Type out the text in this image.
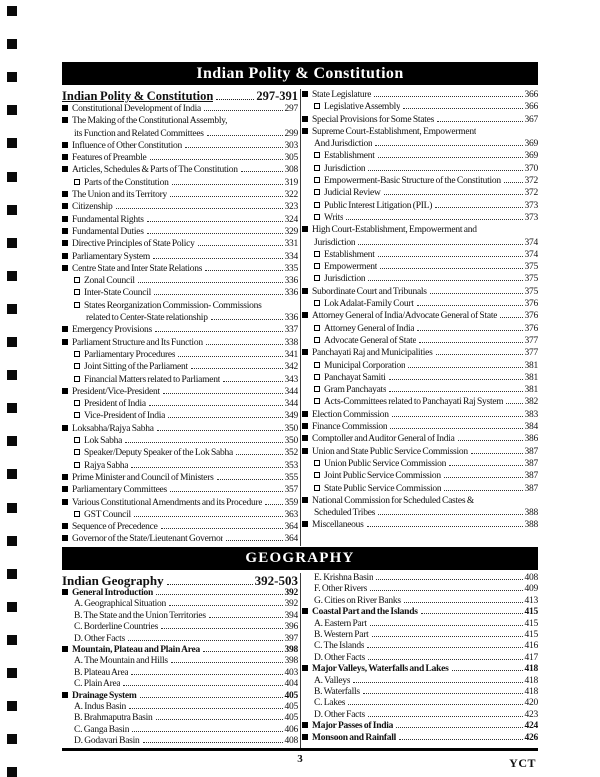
Indian Polity & Constitution
Indian Polity & Constitution	297-391
Constitutional Development of India	297
The Making of the Constitutional Assembly,
its Function and Related Committees	299
Influence of Other Constitution	303
Features of Preamble	305
Articles, Schedules & Parts of The Constitution	308
Parts of the Constitution	319
The Union and its Territory	322
Citizenship	323
Fundamental Rights	324
Fundamental Duties	329
Directive Principles of State Policy	331
Parliamentary System	334
Centre State and Inter State Relations	335
Zonal Council	336
Inter-State Council	336
States Reorganization Commission- Commissions
related to Center-State relationship	336
Emergency Provisions	337
Parliament Structure and Its Function	338
Parliamentary Procedures	341
Joint Sitting of the Parliament	342
Financial Matters related to Parliament	343
President/Vice-President	344
President of India	344
Vice-President of India	349
Loksabha/Rajya Sabha	350
Lok Sabha	350
Speaker/Deputy Speaker of the Lok Sabha	352
Rajya Sabha	353
Prime Minister and Council of Ministers	355
Parliamentary Committees	357
Various Constitutional Amendments and its Procedure 359
GST Council	363
Sequence of Precedence	364
Governor of the State/Lieutenant Governor	364
State Legislature	366
Legislative Assembly	366
Special Provisions for Some States	367
Supreme Court-Establishment, Empowerment
And Jurisdiction	369
Establishment	369
Jurisdiction	370
Empowerment-Basic Structure of the Constitution 372
Judicial Review	372
Public Interest Litigation (PIL)	373
Writs	373
High Court-Establishment, Empowerment and
Jurisdiction	374
Establishment	374
Empowerment	375
Jurisdiction	375
Subordinate Court and Tribunals	375
Lok Adalat-Family Court	376
Attorney General of India/Advocate General of State	376
Attorney General of India	376
Advocate General of State	377
Panchayati Raj and Municipalities	377
Municipal Corporation	381
Panchayat Samiti	381
Gram Panchayats	381
Acts-Committees related to Panchayati Raj System 382
Election Commission	383
Finance Commission	384
Comptoller and Auditor General of India	386
Union and State Public Service Commission	387
Union Public Service Commission	387
Joint Public Service Commission	387
State Public Service Commission	387
National Commission for Scheduled Castes &
Scheduled Tribes	388
Miscellaneous	388
GEOGRAPHY
Indian Geography	392-503
General Introduction	392
A. Geographical Situation	392
B. The State and the Union Territories	394
C. Borderline Countries	396
D. Other Facts	397
Mountain, Plateau and Plain Area	398
A. The Mountain and Hills	398
B. Plateau Area	403
C. Plain Area	404
Drainage System	405
A. Indus Basin	405
B. Brahmaputra Basin	405
C. Ganga Basin	406
D. Godavari Basin	408
E. Krishna Basin	408
F. Other Rivers	409
G. Cities on River Banks	413
Coastal Part and the Islands	415
A. Eastern Part	415
B. Western Part	415
C. The Islands	416
D. Other Facts	417
Major Valleys, Waterfalls and Lakes	418
A. Valleys	418
B. Waterfalls	418
C. Lakes	420
D. Other Facts	423
Major Passes of India	424
Monsoon and Rainfall	426
3	YCT
